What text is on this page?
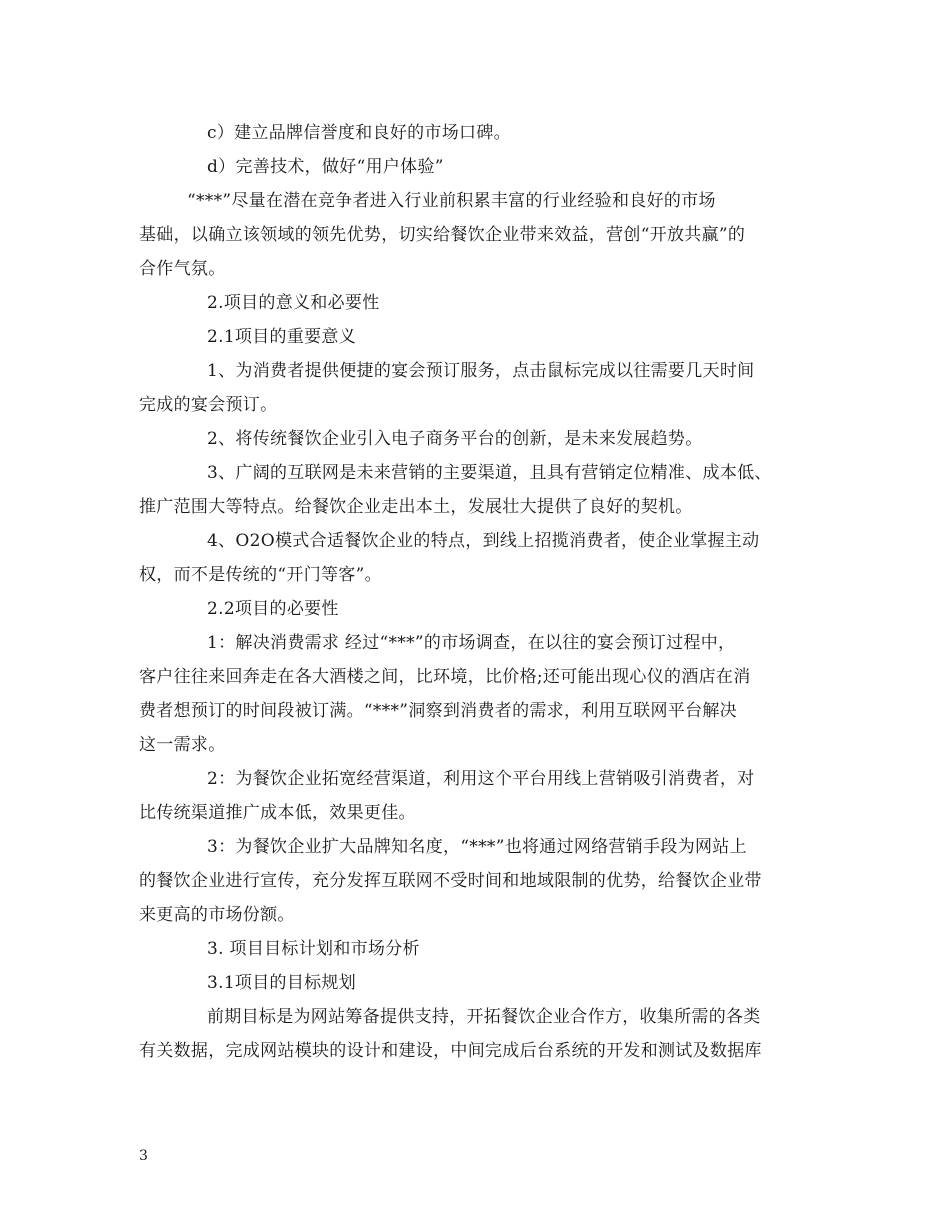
c）建立品牌信誉度和良好的市场口碑。
d）完善技术，做好“用户体验”
“***”尽量在潜在竞争者进入行业前积累丰富的行业经验和良好的市场
基础，以确立该领域的领先优势，切实给餐饮企业带来效益，营创“开放共赢”的
合作气氛。
2.项目的意义和必要性
2.1项目的重要意义
1、为消费者提供便捷的宴会预订服务，点击鼠标完成以往需要几天时间
完成的宴会预订。
2、将传统餐饮企业引入电子商务平台的创新，是未来发展趋势。
3、广阔的互联网是未来营销的主要渠道，且具有营销定位精准、成本低、
推广范围大等特点。给餐饮企业走出本土，发展壮大提供了良好的契机。
4、O2O模式合适餐饮企业的特点，到线上招揽消费者，使企业掌握主动
权，而不是传统的“开门等客”。
2.2项目的必要性
1：解决消费需求 经过“***”的市场调查，在以往的宴会预订过程中，
客户往往来回奔走在各大酒楼之间，比环境，比价格;还可能出现心仪的酒店在消
费者想预订的时间段被订满。“***”洞察到消费者的需求，利用互联网平台解决
这一需求。
2：为餐饮企业拓宽经营渠道，利用这个平台用线上营销吸引消费者，对
比传统渠道推广成本低，效果更佳。
3：为餐饮企业扩大品牌知名度，“***”也将通过网络营销手段为网站上
的餐饮企业进行宣传，充分发挥互联网不受时间和地域限制的优势，给餐饮企业带
来更高的市场份额。
3. 项目目标计划和市场分析
3.1项目的目标规划
前期目标是为网站筹备提供支持，开拓餐饮企业合作方，收集所需的各类
有关数据，完成网站模块的设计和建设，中间完成后台系统的开发和测试及数据库
3
